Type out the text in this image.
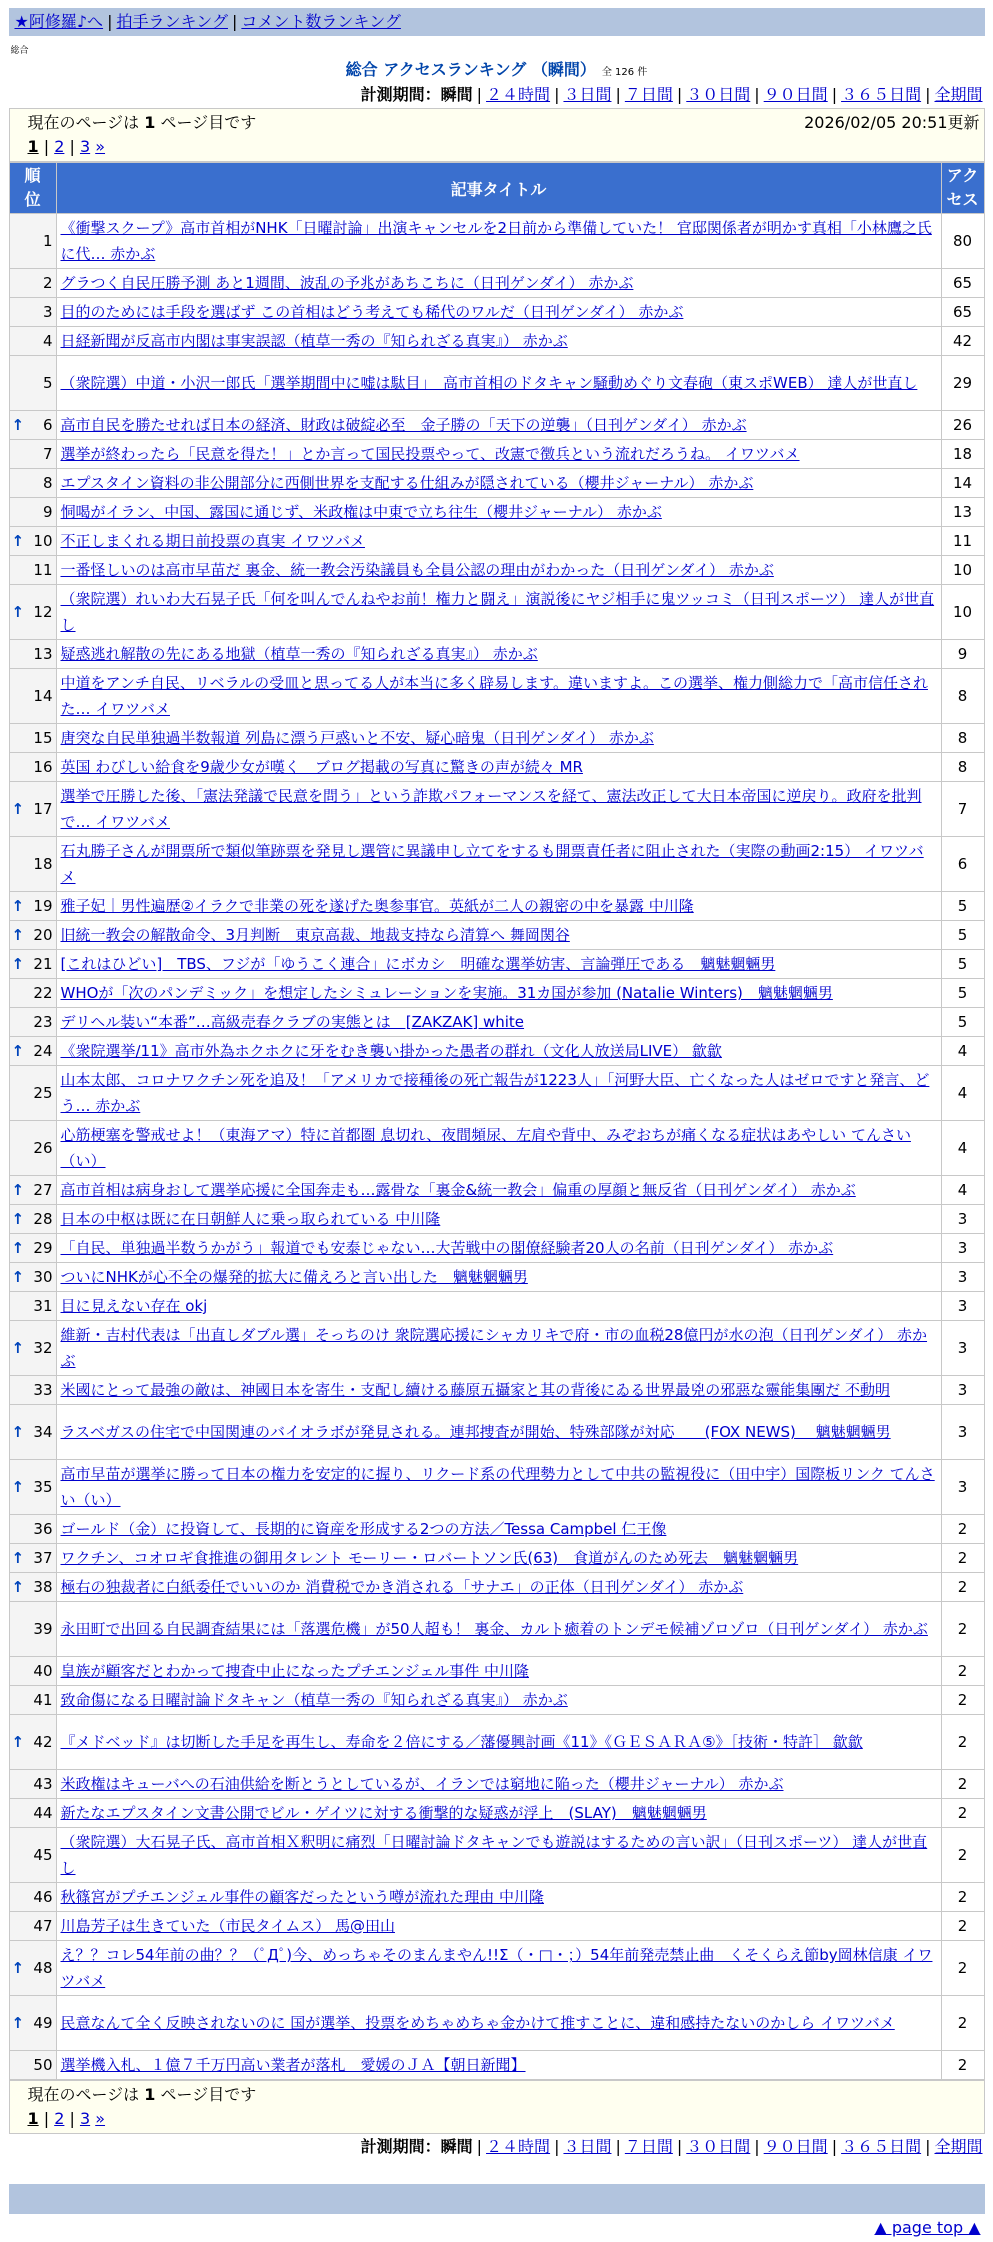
★阿修羅♪へ | 拍手ランキング | コメント数ランキング
総合
総合 アクセスランキング （瞬間） 全 126 件
計測期間：瞬間 | ２４時間 | ３日間 | ７日間 | ３０日間 | ９０日間 | ３６５日間 | 全期間
現在のページは 1 ページ目です	2026/02/05 20:51更新
1 | 2 | 3 »
順
位	記事タイトル	アク
セス
1	《衝撃スクープ》高市首相がNHK「日曜討論」出演キャンセルを2日前から準備していた！ 官邸関係者が明かす真相「小林鷹之氏に代… 赤かぶ	80
2	グラつく自民圧勝予測 あと1週間、波乱の予兆があちこちに（日刊ゲンダイ） 赤かぶ	65
3	目的のためには手段を選ばず この首相はどう考えても稀代のワルだ（日刊ゲンダイ） 赤かぶ	65
4	日経新聞が反高市内閣は事実誤認（植草一秀の『知られざる真実』） 赤かぶ	42
5	（衆院選）中道・小沢一郎氏「選挙期間中に嘘は駄目」　高市首相のドタキャン騒動めぐり文春砲（東スポWEB） 達人が世直し	29

↑ 6	高市自民を勝たせれば日本の経済、財政は破綻必至　金子勝の「天下の逆襲」（日刊ゲンダイ） 赤かぶ	26
7	選挙が終わったら「民意を得た！」とか言って国民投票やって、改憲で徴兵という流れだろうね。 イワツバメ	18
8	エプスタイン資料の非公開部分に西側世界を支配する仕組みが隠されている（櫻井ジャーナル） 赤かぶ	14
9	恫喝がイラン、中国、露国に通じず、米政権は中東で立ち往生（櫻井ジャーナル） 赤かぶ	13

↑ 10	不正しまくれる期日前投票の真実 イワツバメ	11
11	一番怪しいのは高市早苗だ 裏金、統一教会汚染議員も全員公認の理由がわかった（日刊ゲンダイ） 赤かぶ	10

↑ 12	（衆院選）れいわ大石晃子氏「何を叫んでんねやお前！権力と闘え」演説後にヤジ相手に鬼ツッコミ（日刊スポーツ） 達人が世直し	10
13	疑惑逃れ解散の先にある地獄（植草一秀の『知られざる真実』） 赤かぶ	9
14	中道をアンチ自民、リベラルの受皿と思ってる人が本当に多く辟易します。違いますよ。この選挙、権力側総力で「高市信任された… イワツバメ	8
15	唐突な自民単独過半数報道 列島に漂う戸惑いと不安、疑心暗鬼（日刊ゲンダイ） 赤かぶ	8
16	英国 わびしい給食を9歳少女が嘆く　ブログ掲載の写真に驚きの声が続々 MR	8

↑ 17	選挙で圧勝した後、「憲法発議で民意を問う」という詐欺パフォーマンスを経て、憲法改正して大日本帝国に逆戻り。政府を批判で… イワツバメ	7
18	石丸勝子さんが開票所で類似筆跡票を発見し選管に異議申し立てをするも開票責任者に阻止された（実際の動画2:15） イワツバメ	6

↑ 19	雅子妃｜男性遍歴②イラクで非業の死を遂げた奥参事官。英紙が二人の親密の中を暴露 中川隆	5

↑ 20	旧統一教会の解散命令、3月判断　東京高裁、地裁支持なら清算へ 舞岡関谷	5

↑ 21	[これはひどい]　TBS、フジが「ゆうこく連合」にボカシ　明確な選挙妨害、言論弾圧である　魑魅魍魎男	5
22	WHOが「次のパンデミック」を想定したシミュレーションを実施。31カ国が参加 (Natalie Winters)　魑魅魍魎男	5
23	デリヘル装い“本番”…高級売春クラブの実態とは　[ZAKZAK] white	5

↑ 24	《衆院選挙/11》高市外為ホクホクに牙をむき襲い掛かった愚者の群れ（文化人放送局LIVE） 歙歙	4
25	山本太郎、コロナワクチン死を追及！「アメリカで接種後の死亡報告が1223人」「河野大臣、亡くなった人はゼロですと発言、どう… 赤かぶ	4
26	心筋梗塞を警戒せよ！（東海アマ）特に首都圏 息切れ、夜間頻尿、左肩や背中、みぞおちが痛くなる症状はあやしい てんさい（い）	4

↑ 27	高市首相は病身おして選挙応援に全国奔走も…露骨な「裏金&統一教会」偏重の厚顔と無反省（日刊ゲンダイ） 赤かぶ	4

↑ 28	日本の中枢は既に在日朝鮮人に乗っ取られている 中川隆	3

↑ 29	「自民、単独過半数うかがう」報道でも安泰じゃない…大苦戦中の閣僚経験者20人の名前（日刊ゲンダイ） 赤かぶ	3

↑ 30	ついにNHKが心不全の爆発的拡大に備えろと言い出した　魑魅魍魎男	3
31	目に見えない存在 okj	3

↑ 32	維新・吉村代表は「出直しダブル選」そっちのけ 衆院選応援にシャカリキで府・市の血税28億円が水の泡（日刊ゲンダイ） 赤かぶ	3
33	米國にとって最強の敵は、神國日本を寄生・支配し續ける藤原五攝家と其の背後にゐる世界最兇の邪惡な靈能集團だ 不動明	3

↑ 34	ラスベガスの住宅で中国関連のバイオラボが発見される。連邦捜査が開始、特殊部隊が対応　　(FOX NEWS)　 魑魅魍魎男	3

↑ 35	高市早苗が選挙に勝って日本の権力を安定的に握り、リクード系の代理勢力として中共の監視役に（田中宇）国際板リンク てんさい（い）	3
36	ゴールド（金）に投資して、長期的に資産を形成する2つの方法／Tessa Campbel 仁王像	2

↑ 37	ワクチン、コオロギ食推進の御用タレント モーリー・ロバートソン氏(63)　食道がんのため死去　魑魅魍魎男	2

↑ 38	極右の独裁者に白紙委任でいいのか 消費税でかき消される「サナエ」の正体（日刊ゲンダイ） 赤かぶ	2
39	永田町で出回る自民調査結果には「落選危機」が50人超も！ 裏金、カルト癒着のトンデモ候補ゾロゾロ（日刊ゲンダイ） 赤かぶ	2
40	皇族が顧客だとわかって捜査中止になったプチエンジェル事件 中川隆	2
41	致命傷になる日曜討論ドタキャン（植草一秀の『知られざる真実』） 赤かぶ	2

↑ 42	『メドベッド』は切断した手足を再生し、寿命を２倍にする／藩優興討画《11》《ＧＥＳＡＲＡ⑤》［技術・特許］ 歙歙	2
43	米政権はキューバへの石油供給を断とうとしているが、イランでは窮地に陥った（櫻井ジャーナル） 赤かぶ	2
44	新たなエプスタイン文書公開でビル・ゲイツに対する衝撃的な疑惑が浮上　(SLAY)　魑魅魍魎男	2
45	（衆院選）大石晃子氏、高市首相Ｘ釈明に痛烈「日曜討論ドタキャンでも遊説はするための言い訳」（日刊スポーツ） 達人が世直し	2
46	秋篠宮がプチエンジェル事件の顧客だったという噂が流れた理由 中川隆	2
47	川島芳子は生きていた（市民タイムス） 馬@田山	2

↑ 48	え？？コレ54年前の曲？？（ﾟДﾟ)今、めっちゃそのまんまやん!!Σ（・□・；）54年前発売禁止曲　くそくらえ節by岡林信康 イワツバメ	2

↑ 49	民意なんて全く反映されないのに 国が選挙、投票をめちゃめちゃ金かけて推すことに、違和感持たないのかしら イワツバメ	2
50	選挙機入札、１億７千万円高い業者が落札　愛媛のＪＡ【朝日新聞】	2
現在のページは 1 ページ目です
1 | 2 | 3 »
計測期間：瞬間 | ２４時間 | ３日間 | ７日間 | ３０日間 | ９０日間 | ３６５日間 | 全期間
▲ page top ▲
